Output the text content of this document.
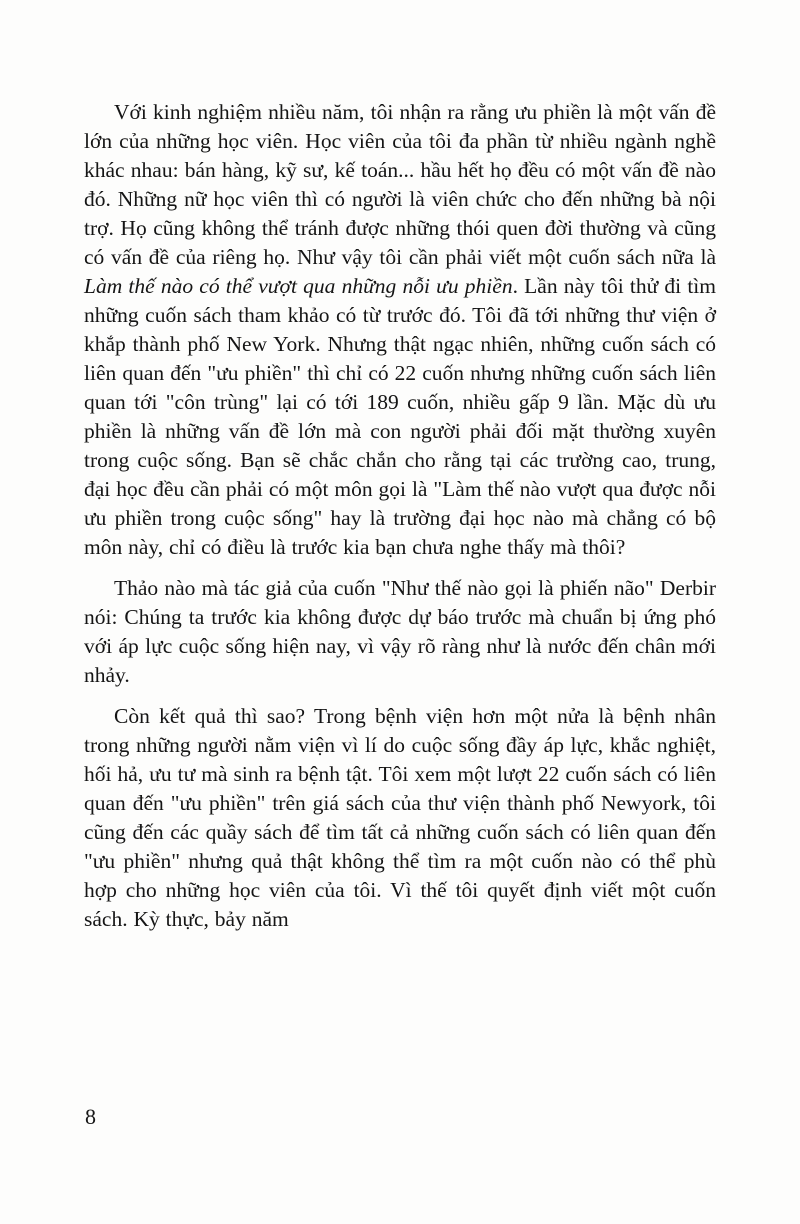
Với kinh nghiệm nhiều năm, tôi nhận ra rằng ưu phiền là một vấn đề lớn của những học viên. Học viên của tôi đa phần từ nhiều ngành nghề khác nhau: bán hàng, kỹ sư, kế toán... hầu hết họ đều có một vấn đề nào đó. Những nữ học viên thì có người là viên chức cho đến những bà nội trợ. Họ cũng không thể tránh được những thói quen đời thường và cũng có vấn đề của riêng họ. Như vậy tôi cần phải viết một cuốn sách nữa là Làm thế nào có thể vượt qua những nỗi ưu phiền. Lần này tôi thử đi tìm những cuốn sách tham khảo có từ trước đó. Tôi đã tới những thư viện ở khắp thành phố New York. Nhưng thật ngạc nhiên, những cuốn sách có liên quan đến "ưu phiền" thì chỉ có 22 cuốn nhưng những cuốn sách liên quan tới "côn trùng" lại có tới 189 cuốn, nhiều gấp 9 lần. Mặc dù ưu phiền là những vấn đề lớn mà con người phải đối mặt thường xuyên trong cuộc sống. Bạn sẽ chắc chắn cho rằng tại các trường cao, trung, đại học đều cần phải có một môn gọi là "Làm thế nào vượt qua được nỗi ưu phiền trong cuộc sống" hay là trường đại học nào mà chẳng có bộ môn này, chỉ có điều là trước kia bạn chưa nghe thấy mà thôi?

Thảo nào mà tác giả của cuốn "Như thế nào gọi là phiến não" Derbir nói: Chúng ta trước kia không được dự báo trước mà chuẩn bị ứng phó với áp lực cuộc sống hiện nay, vì vậy rõ ràng như là nước đến chân mới nhảy.

Còn kết quả thì sao? Trong bệnh viện hơn một nửa là bệnh nhân trong những người nằm viện vì lí do cuộc sống đầy áp lực, khắc nghiệt, hối hả, ưu tư mà sinh ra bệnh tật. Tôi xem một lượt 22 cuốn sách có liên quan đến "ưu phiền" trên giá sách của thư viện thành phố Newyork, tôi cũng đến các quầy sách để tìm tất cả những cuốn sách có liên quan đến "ưu phiền" nhưng quả thật không thể tìm ra một cuốn nào có thể phù hợp cho những học viên của tôi. Vì thế tôi quyết định viết một cuốn sách. Kỳ thực, bảy năm

8
